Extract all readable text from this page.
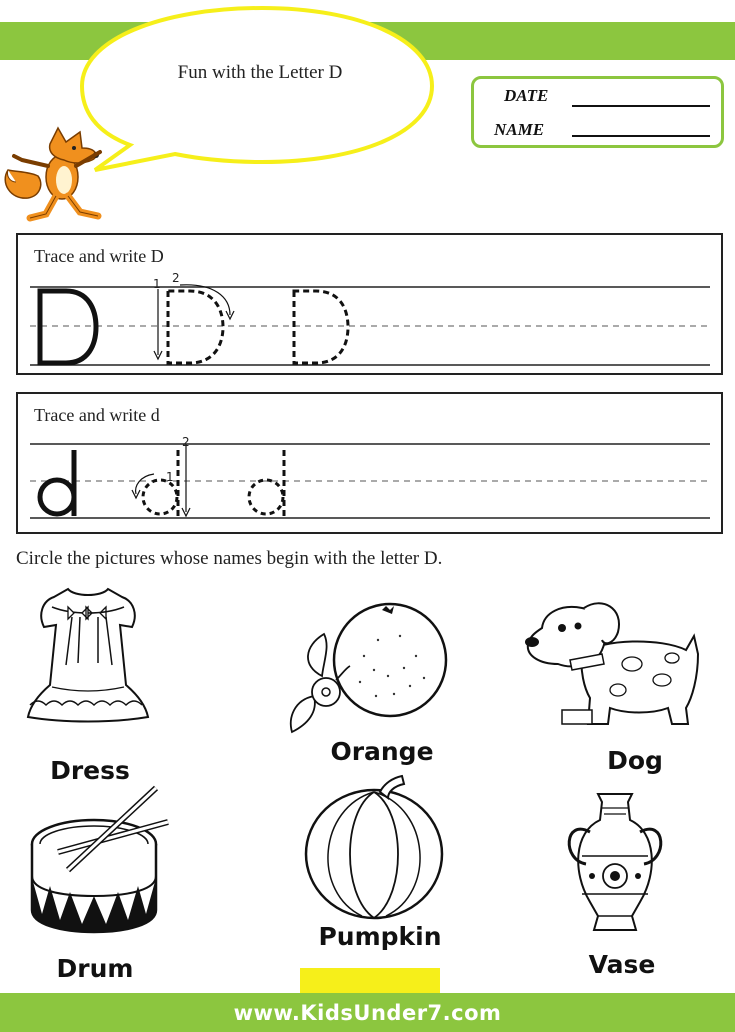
Fun with the Letter D
DATE
NAME
Trace and write D
1 2
Trace and write d
1
2
Circle the pictures whose names begin with the letter D.
Dress
Orange	Dog
Drum
Pumpkin
Vase
www.KidsUnder7.com
